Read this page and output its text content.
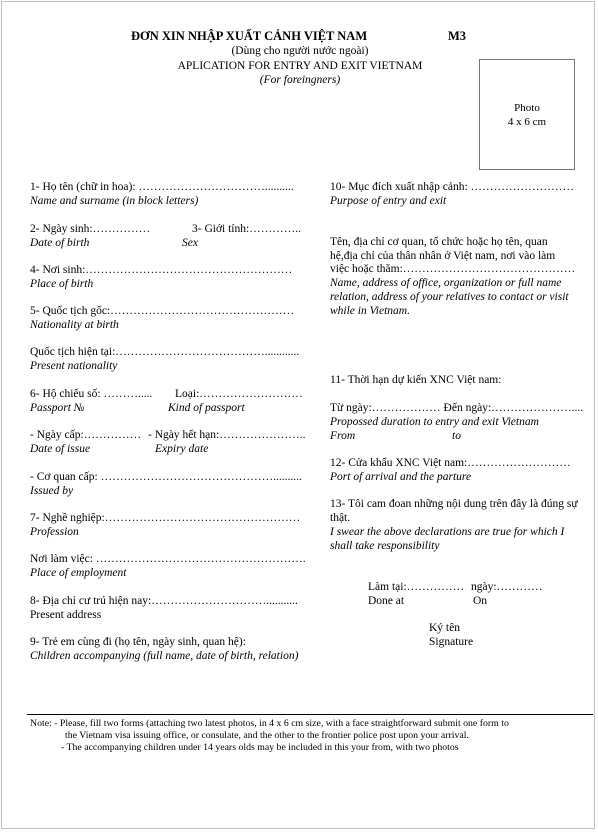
ĐƠN XIN NHẬP XUẤT CẢNH VIỆT NAM	M3
(Dùng cho người nước ngoài)
APLICATION FOR ENTRY AND EXIT VIETNAM
(For foreingners)
Photo
4 x 6 cm
1- Họ tên (chữ in hoa): ……………………………..........
Name and surname (in block letters)
2- Ngày sinh:……………	3- Giới tính:…………..
Date of birth	Sex
4- Nơi sinh:………………………………………………
Place of birth
5- Quốc tịch gốc:…………………………………………
Nationality at birth
Quốc tịch hiện tại:…………………………………............
Present nationality
6- Hộ chiếu số: ………..... Loại:………………………
Passport №	Kind of passport
- Ngày cấp:…………… - Ngày hết hạn:…………………..
Date of issue	Expiry date
- Cơ quan cấp: ………………………………………..........
Issued by
7- Nghề nghiệp:……………………………………………
Profession
Nơi làm việc: ……………………………………………….
Place of employment
8- Địa chỉ cư trú hiện nay:…………………………...........
Present address
9- Trẻ em cùng đi (họ tên, ngày sinh, quan hệ):
Children accompanying (full name, date of birth, relation)
10- Mục đích xuất nhập cảnh: ………………………
Purpose of entry and exit
Tên, địa chỉ cơ quan, tổ chức hoặc họ tên, quan
hệ,địa chỉ của thân nhân ở Việt nam, nơi vào làm
việc hoặc thăm:………………………………………
Name, address of office, organization or full name
relation, address of your relatives to contact or visit
while in Vietnam.
11- Thời hạn dự kiến XNC Việt nam:
Từ ngày:……………… Đến ngày:…………………....
Propossed duration to entry and exit Vietnam
From	to
12- Cửa khẩu XNC Việt nam:………………………
Port of arrival and the parture
13- Tôi cam đoan những nội dung trên đây là đúng sự
thật.
I swear the above declarations are true for which I
shall take responsibility
Làm tại:…………… ngày:…………
Done at	On
Ký tên
Signature
Note: - Please, fill two forms (attaching two latest photos, in 4 x 6 cm size, with a face straightforward submit one form to
the Vietnam visa issuing office, or consulate, and the other to the frontier police post upon your arrival.
- The accompanying children under 14 years olds may be included in this your from, with two photos
